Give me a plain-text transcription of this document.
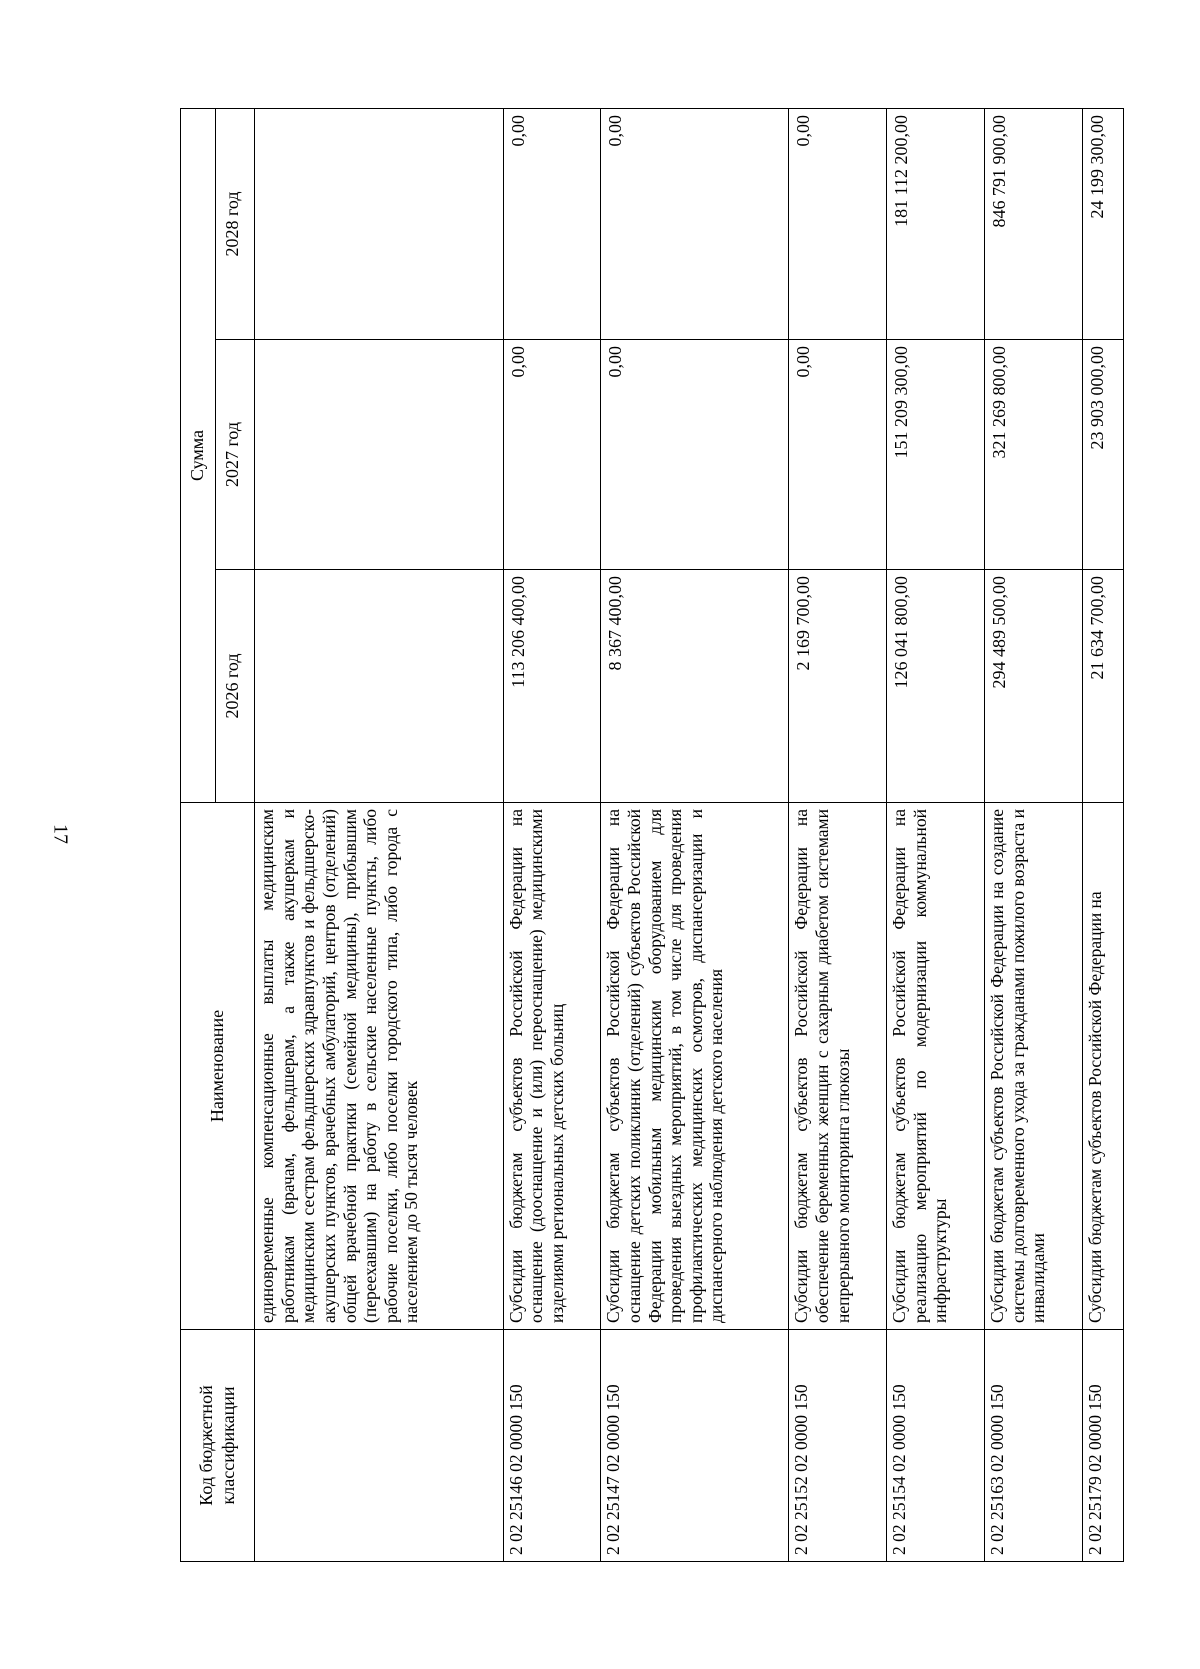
17
Код бюджетной классификации	Наименование	Сумма		
		2026 год	2027 год	2028 год
	единовременные компенсационные выплаты медицинским работникам (врачам, фельдшерам, а также акушеркам и медицинским сестрам фельдшерских здравпунктов и фельдшерско-акушерских пунктов, врачебных амбулаторий, центров (отделений) общей врачебной практики (семейной медицины), прибывшим (переехавшим) на работу в сельские населенные пункты, либо рабочие поселки, либо поселки городского типа, либо города с населением до 50 тысяч человек			
2 02 25146 02 0000 150	Субсидии бюджетам субъектов Российской Федерации на оснащение (дооснащение и (или) переоснащение) медицинскими изделиями региональных детских больниц	113 206 400,00	0,00	0,00
2 02 25147 02 0000 150	Субсидии бюджетам субъектов Российской Федерации на оснащение детских поликлиник (отделений) субъектов Российской Федерации мобильным медицинским оборудованием для проведения выездных мероприятий, в том числе для проведения профилактических медицинских осмотров, диспансеризации и диспансерного наблюдения детского населения	8 367 400,00	0,00	0,00
2 02 25152 02 0000 150	Субсидии бюджетам субъектов Российской Федерации на обеспечение беременных женщин с сахарным диабетом системами непрерывного мониторинга глюкозы	2 169 700,00	0,00	0,00
2 02 25154 02 0000 150	Субсидии бюджетам субъектов Российской Федерации на реализацию мероприятий по модернизации коммунальной инфраструктуры	126 041 800,00	151 209 300,00	181 112 200,00
2 02 25163 02 0000 150	Субсидии бюджетам субъектов Российской Федерации на создание системы долговременного ухода за гражданами пожилого возраста и инвалидами	294 489 500,00	321 269 800,00	846 791 900,00
2 02 25179 02 0000 150	Субсидии бюджетам субъектов Российской Федерации на	21 634 700,00	23 903 000,00	24 199 300,00
